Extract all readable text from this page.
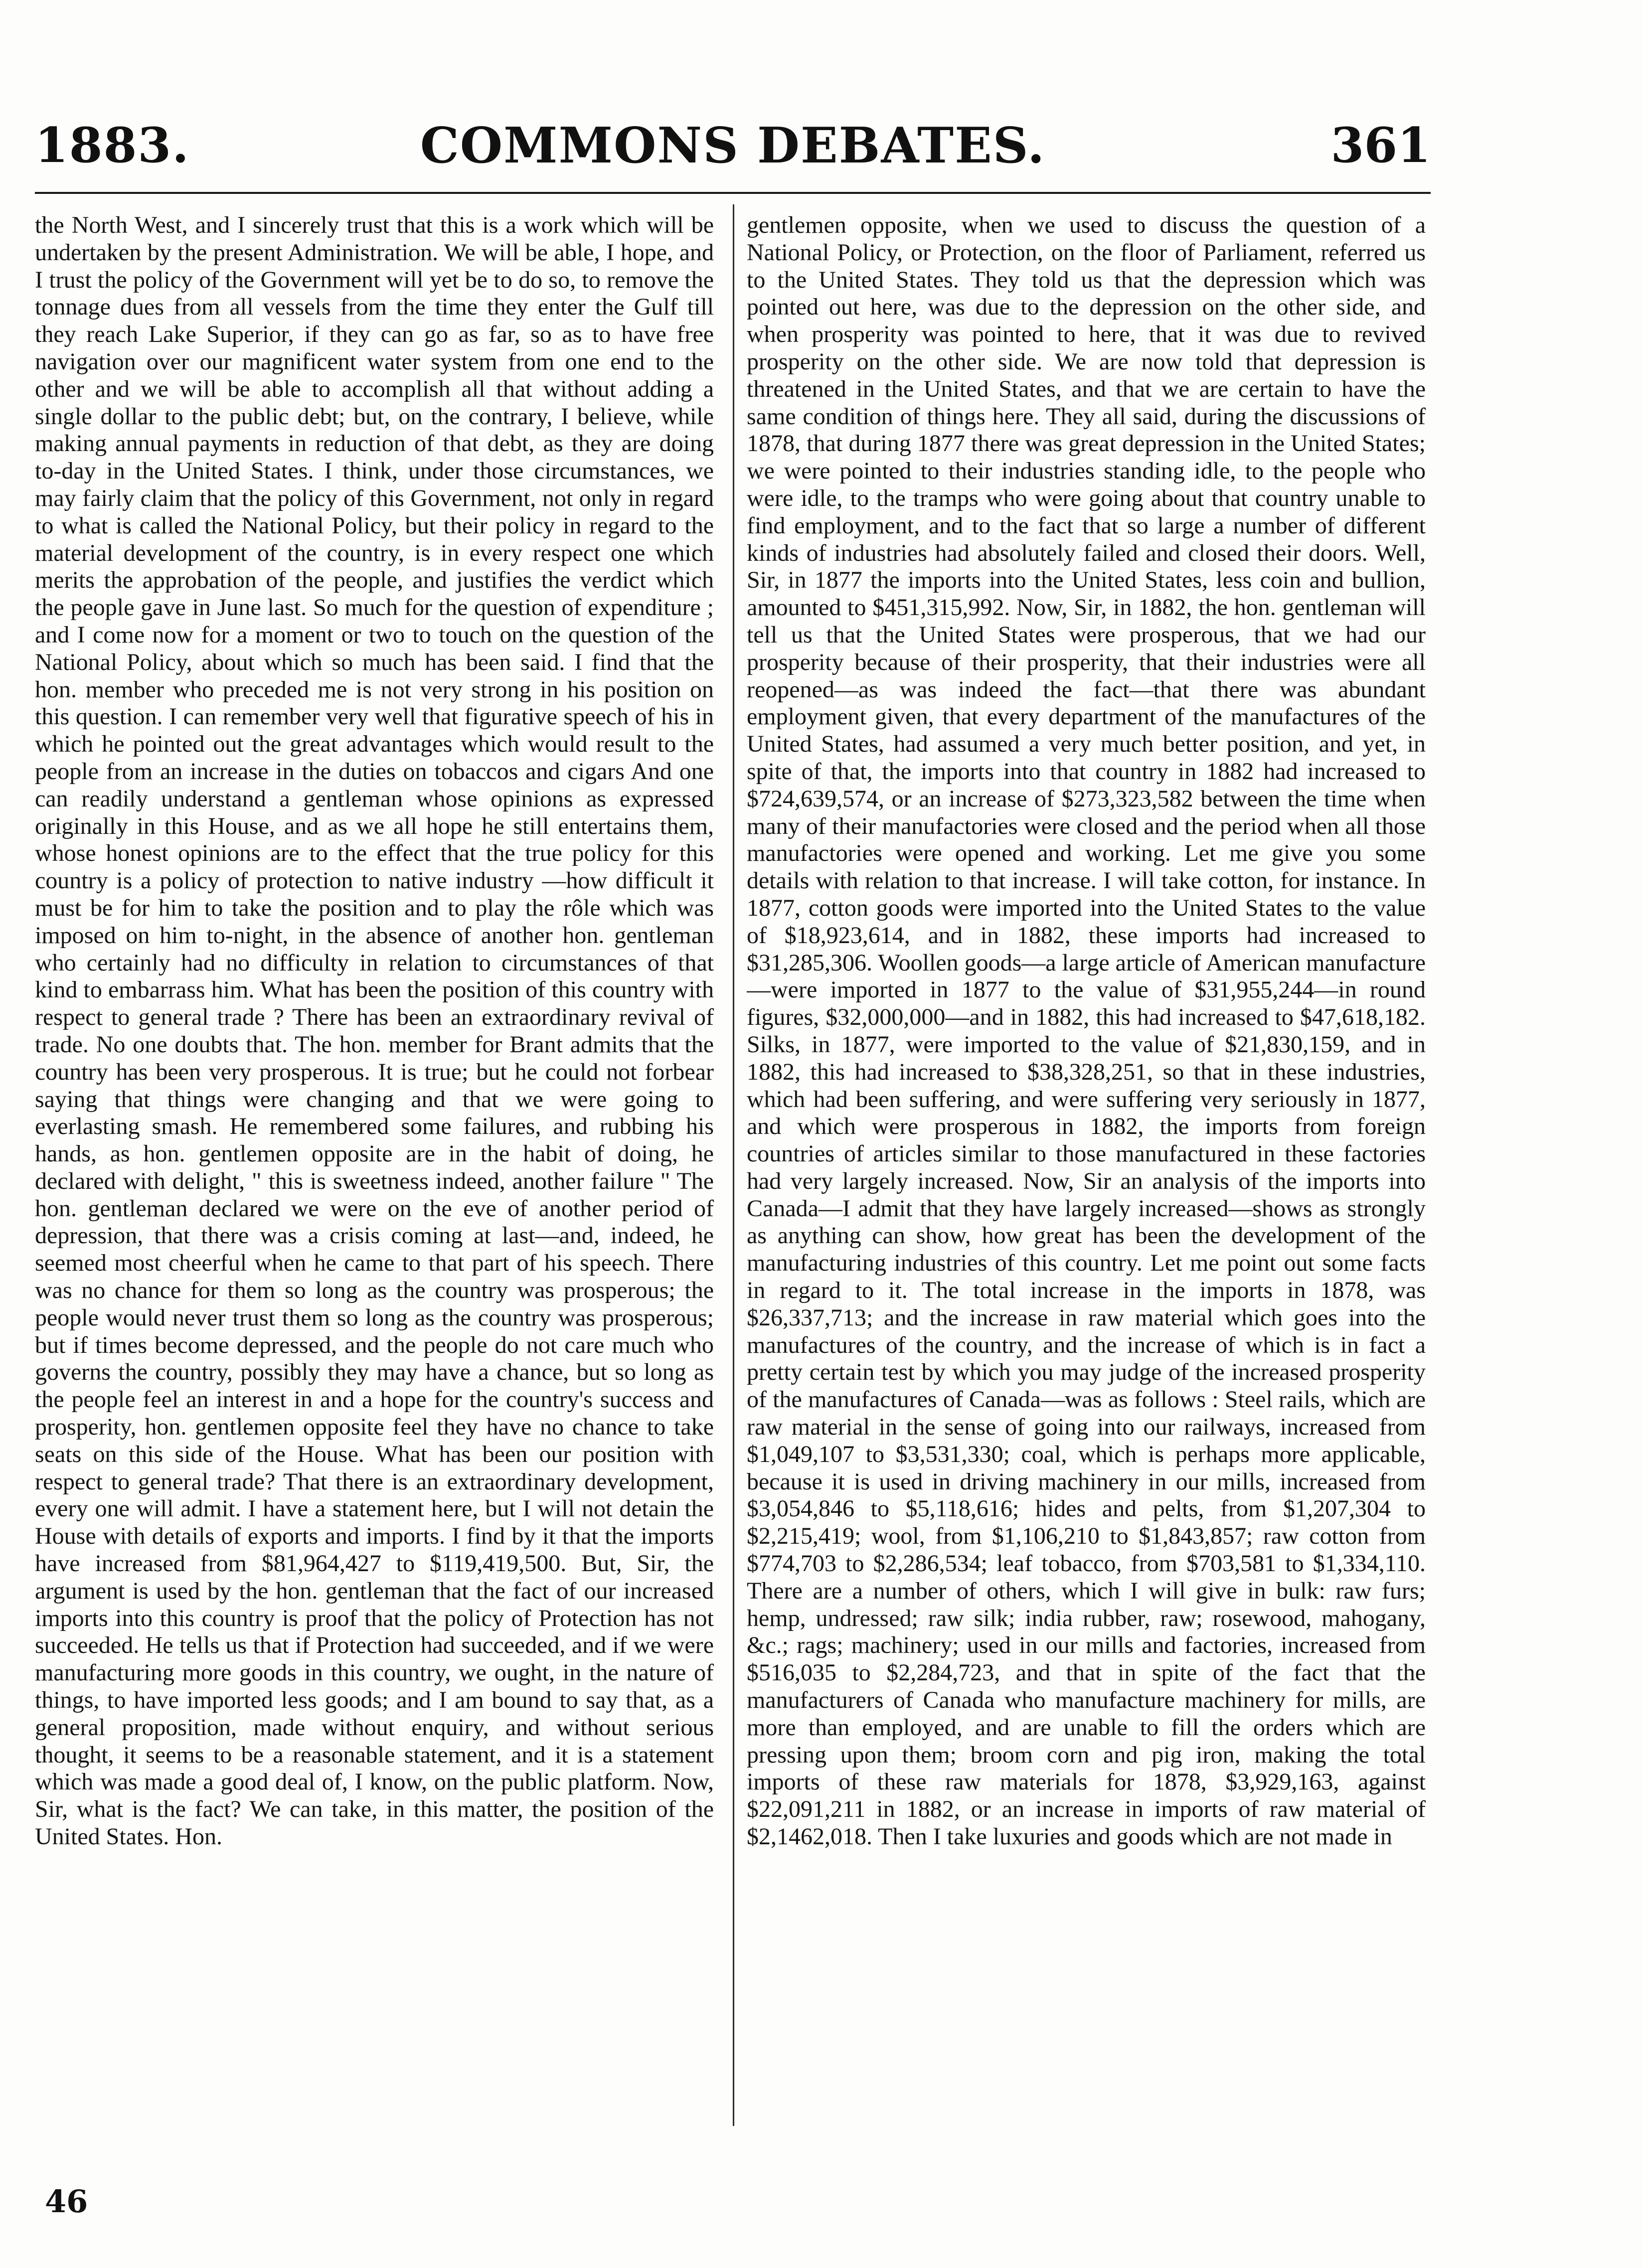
1883.	COMMONS DEBATES.	361

the North West, and I sincerely trust that this is a work which will be undertaken by the present Administration. We will be able, I hope, and I trust the policy of the Government will yet be to do so, to remove the tonnage dues from all vessels from the time they enter the Gulf till they reach Lake Superior, if they can go as far, so as to have free navigation over our magnificent water system from one end to the other and we will be able to accomplish all that without adding a single dollar to the public debt; but, on the contrary, I believe, while making annual payments in reduction of that debt, as they are doing to-day in the United States. I think, under those circumstances, we may fairly claim that the policy of this Government, not only in regard to what is called the National Policy, but their policy in regard to the material development of the country, is in every respect one which merits the approbation of the people, and justifies the verdict which the people gave in June last. So much for the question of expenditure ; and I come now for a moment or two to touch on the question of the National Policy, about which so much has been said. I find that the hon. member who preceded me is not very strong in his position on this question. I can remember very well that figurative speech of his in which he pointed out the great advantages which would result to the people from an increase in the duties on tobaccos and cigars And one can readily understand a gentleman whose opinions as expressed originally in this House, and as we all hope he still entertains them, whose honest opinions are to the effect that the true policy for this country is a policy of protection to native industry —how difficult it must be for him to take the position and to play the rôle which was imposed on him to-night, in the absence of another hon. gentleman who certainly had no difficulty in relation to circumstances of that kind to embarrass him. What has been the position of this country with respect to general trade ? There has been an extraordinary revival of trade. No one doubts that. The hon. member for Brant admits that the country has been very prosperous. It is true; but he could not forbear saying that things were changing and that we were going to everlasting smash. He remembered some failures, and rubbing his hands, as hon. gentlemen opposite are in the habit of doing, he declared with delight, " this is sweetness indeed, another failure " The hon. gentleman declared we were on the eve of another period of depression, that there was a crisis coming at last—and, indeed, he seemed most cheerful when he came to that part of his speech. There was no chance for them so long as the country was prosperous; the people would never trust them so long as the country was prosperous; but if times become depressed, and the people do not care much who governs the country, possibly they may have a chance, but so long as the people feel an interest in and a hope for the country's success and prosperity, hon. gentlemen opposite feel they have no chance to take seats on this side of the House. What has been our position with respect to general trade? That there is an extraordinary development, every one will admit. I have a statement here, but I will not detain the House with details of exports and imports. I find by it that the imports have increased from $81,964,427 to $119,419,500. But, Sir, the argument is used by the hon. gentleman that the fact of our increased imports into this country is proof that the policy of Protection has not succeeded. He tells us that if Protection had succeeded, and if we were manufacturing more goods in this country, we ought, in the nature of things, to have imported less goods; and I am bound to say that, as a general proposition, made without enquiry, and without serious thought, it seems to be a reasonable statement, and it is a statement which was made a good deal of, I know, on the public platform. Now, Sir, what is the fact? We can take, in this matter, the position of the United States. Hon.

gentlemen opposite, when we used to discuss the question of a National Policy, or Protection, on the floor of Parliament, referred us to the United States. They told us that the depression which was pointed out here, was due to the depression on the other side, and when prosperity was pointed to here, that it was due to revived prosperity on the other side. We are now told that depression is threatened in the United States, and that we are certain to have the same condition of things here. They all said, during the discussions of 1878, that during 1877 there was great depression in the United States; we were pointed to their industries standing idle, to the people who were idle, to the tramps who were going about that country unable to find employment, and to the fact that so large a number of different kinds of industries had absolutely failed and closed their doors. Well, Sir, in 1877 the imports into the United States, less coin and bullion, amounted to $451,315,992. Now, Sir, in 1882, the hon. gentleman will tell us that the United States were prosperous, that we had our prosperity because of their prosperity, that their industries were all reopened—as was indeed the fact—that there was abundant employment given, that every department of the manufactures of the United States, had assumed a very much better position, and yet, in spite of that, the imports into that country in 1882 had increased to $724,639,574, or an increase of $273,323,582 between the time when many of their manufactories were closed and the period when all those manufactories were opened and working. Let me give you some details with relation to that increase. I will take cotton, for instance. In 1877, cotton goods were imported into the United States to the value of $18,923,614, and in 1882, these imports had increased to $31,285,306. Woollen goods—a large article of American manufacture—were imported in 1877 to the value of $31,955,244—in round figures, $32,000,000—and in 1882, this had increased to $47,618,182. Silks, in 1877, were imported to the value of $21,830,159, and in 1882, this had increased to $38,328,251, so that in these industries, which had been suffering, and were suffering very seriously in 1877, and which were prosperous in 1882, the imports from foreign countries of articles similar to those manufactured in these factories had very largely increased. Now, Sir an analysis of the imports into Canada—I admit that they have largely increased—shows as strongly as anything can show, how great has been the development of the manufacturing industries of this country. Let me point out some facts in regard to it. The total increase in the imports in 1878, was $26,337,713; and the increase in raw material which goes into the manufactures of the country, and the increase of which is in fact a pretty certain test by which you may judge of the increased prosperity of the manufactures of Canada—was as follows : Steel rails, which are raw material in the sense of going into our railways, increased from $1,049,107 to $3,531,330; coal, which is perhaps more applicable, because it is used in driving machinery in our mills, increased from $3,054,846 to $5,118,616; hides and pelts, from $1,207,304 to $2,215,419; wool, from $1,106,210 to $1,843,857; raw cotton from $774,703 to $2,286,534; leaf tobacco, from $703,581 to $1,334,110. There are a number of others, which I will give in bulk: raw furs; hemp, undressed; raw silk; india rubber, raw; rosewood, mahogany, &c.; rags; machinery; used in our mills and factories, increased from $516,035 to $2,284,723, and that in spite of the fact that the manufacturers of Canada who manufacture machinery for mills, are more than employed, and are unable to fill the orders which are pressing upon them; broom corn and pig iron, making the total imports of these raw materials for 1878, $3,929,163, against $22,091,211 in 1882, or an increase in imports of raw material of $2,1462,018. Then I take luxuries and goods which are not made in

46
